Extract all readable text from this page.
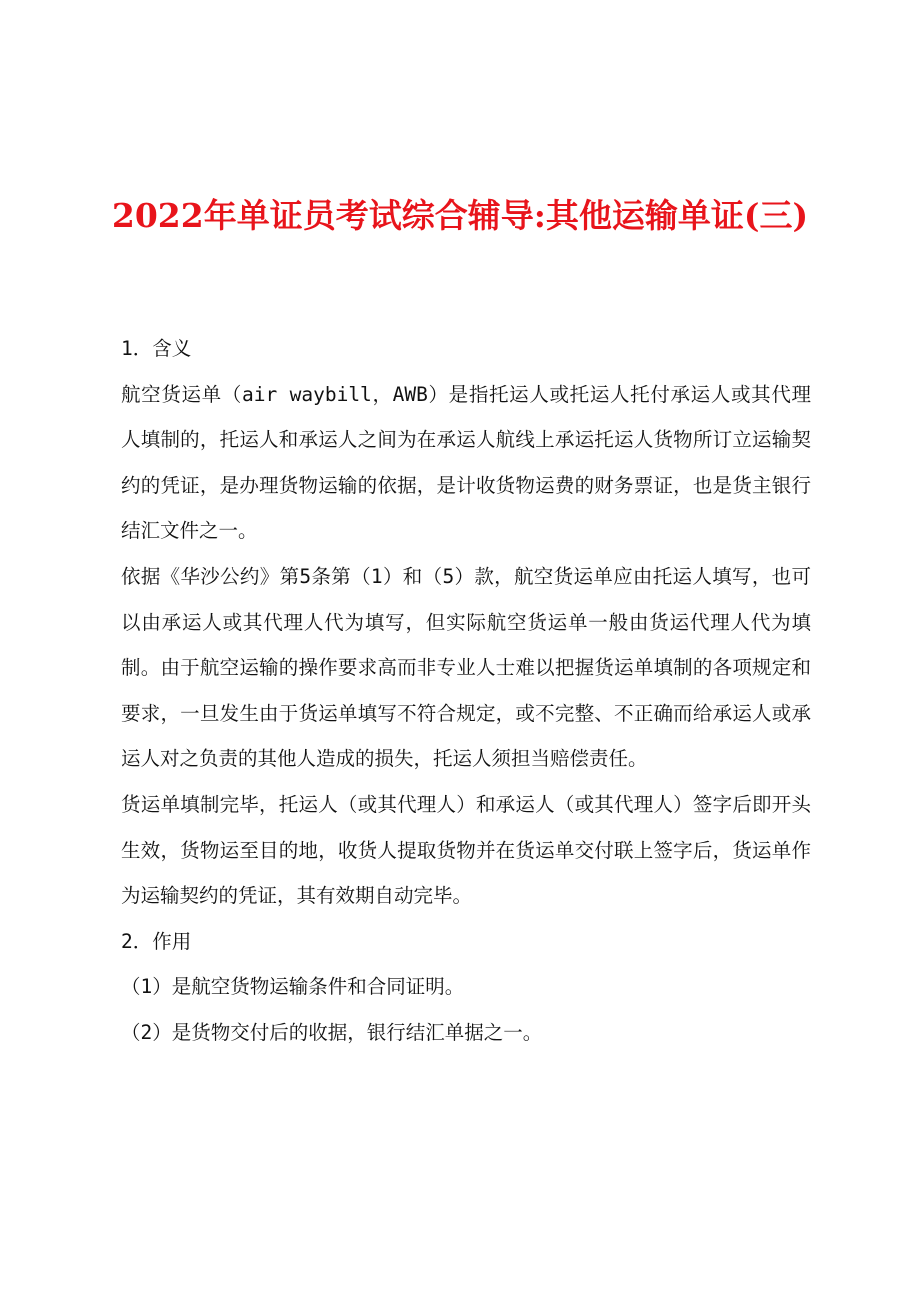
2022年单证员考试综合辅导:其他运输单证(三)

1．含义

航空货运单（air waybill，AWB）是指托运人或托运人托付承运人或其代理人填制的，托运人和承运人之间为在承运人航线上承运托运人货物所订立运输契约的凭证，是办理货物运输的依据，是计收货物运费的财务票证，也是货主银行结汇文件之一。

依据《华沙公约》第5条第（1）和（5）款，航空货运单应由托运人填写，也可以由承运人或其代理人代为填写，但实际航空货运单一般由货运代理人代为填制。由于航空运输的操作要求高而非专业人士难以把握货运单填制的各项规定和要求，一旦发生由于货运单填写不符合规定，或不完整、不正确而给承运人或承运人对之负责的其他人造成的损失，托运人须担当赔偿责任。

货运单填制完毕，托运人（或其代理人）和承运人（或其代理人）签字后即开头生效，货物运至目的地，收货人提取货物并在货运单交付联上签字后，货运单作为运输契约的凭证，其有效期自动完毕。

2．作用

（1）是航空货物运输条件和合同证明。

（2）是货物交付后的收据，银行结汇单据之一。
